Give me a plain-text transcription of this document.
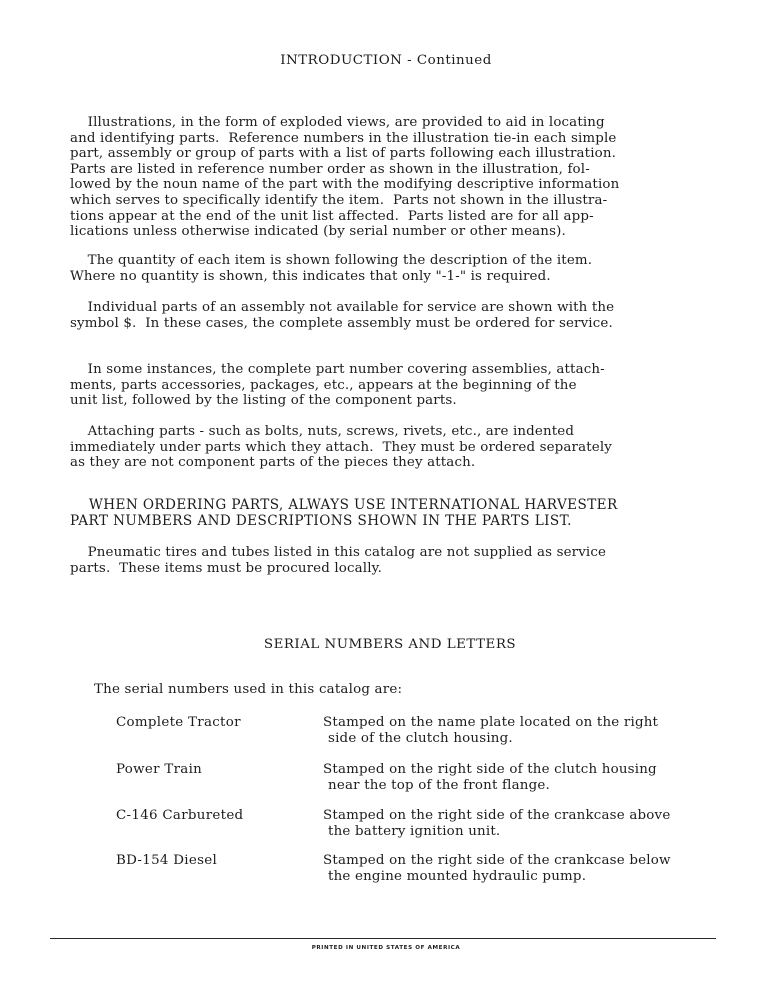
INTRODUCTION - Continued

Illustrations, in the form of exploded views, are provided to aid in locating

and identifying parts.  Reference numbers in the illustration tie-in each simple

part, assembly or group of parts with a list of parts following each illustration.

Parts are listed in reference number order as shown in the illustration, fol-

lowed by the noun name of the part with the modifying descriptive information

which serves to specifically identify the item.  Parts not shown in the illustra-

tions appear at the end of the unit list affected.  Parts listed are for all app-

lications unless otherwise indicated (by serial number or other means).

The quantity of each item is shown following the description of the item.

Where no quantity is shown, this indicates that only "-1-" is required.

Individual parts of an assembly not available for service are shown with the

symbol $.  In these cases, the complete assembly must be ordered for service.

In some instances, the complete part number covering assemblies, attach-

ments, parts accessories, packages, etc., appears at the beginning of the

unit list, followed by the listing of the component parts.

Attaching parts - such as bolts, nuts, screws, rivets, etc., are indented

immediately under parts which they attach.  They must be ordered separately

as they are not component parts of the pieces they attach.

WHEN ORDERING PARTS, ALWAYS USE INTERNATIONAL HARVESTER

PART NUMBERS AND DESCRIPTIONS SHOWN IN THE PARTS LIST.

Pneumatic tires and tubes listed in this catalog are not supplied as service

parts.  These items must be procured locally.

SERIAL NUMBERS AND LETTERS

The serial numbers used in this catalog are:

Complete Tractor	Stamped on the name plate located on the right

side of the clutch housing.

Power Train	Stamped on the right side of the clutch housing

near the top of the front flange.

C-146 Carbureted	Stamped on the right side of the crankcase above

the battery ignition unit.

BD-154 Diesel	Stamped on the right side of the crankcase below

the engine mounted hydraulic pump.

PRINTED IN UNITED STATES OF AMERICA
